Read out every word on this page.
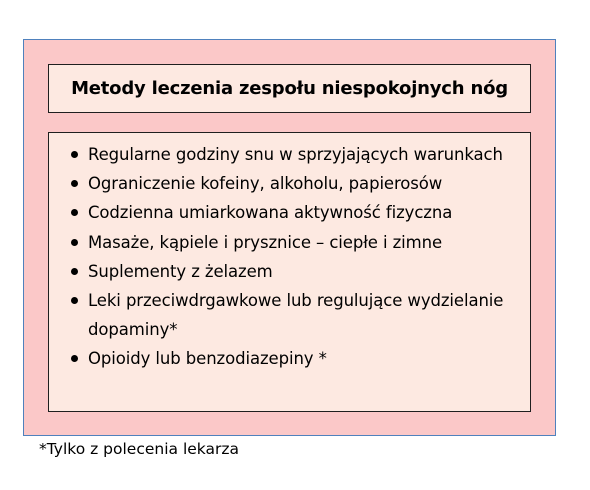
Metody leczenia zespołu niespokojnych nóg
Regularne godziny snu w sprzyjających warunkach
Ograniczenie kofeiny, alkoholu, papierosów
Codzienna umiarkowana aktywność fizyczna
Masaże, kąpiele i prysznice – ciepłe i zimne
Suplementy z żelazem
Leki przeciwdrgawkowe lub regulujące wydzielanie dopaminy*
Opioidy lub benzodiazepiny *
*Tylko z polecenia lekarza
